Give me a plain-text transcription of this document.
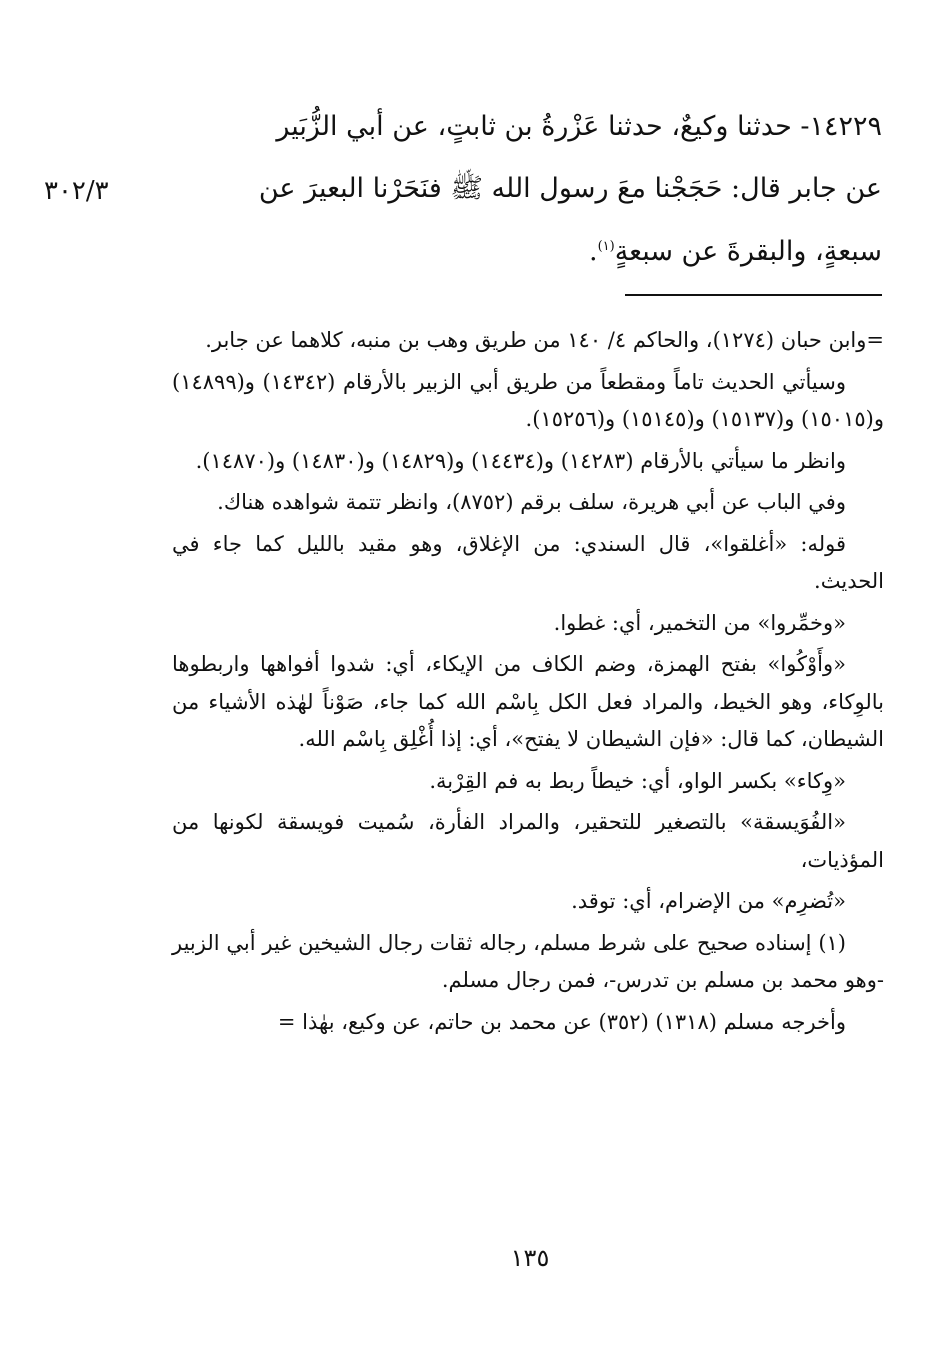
١٤٢٢٩- حدثنا وكيعٌ، حدثنا عَزْرةُ بن ثابتٍ، عن أبي الزُّبَير

عن جابر قال: حَجَجْنا معَ رسول الله ﷺ فنَحَرْنا البعيرَ عن

سبعةٍ، والبقرةَ عن سبعةٍ$^{(١)}$.

٣٠٢/٣

=وابن حبان (١٢٧٤)، والحاكم ٤/ ١٤٠ من طريق وهب بن منبه، كلاهما عن جابر.

وسيأتي الحديث تاماً ومقطعاً من طريق أبي الزبير بالأرقام (١٤٣٤٢) و(١٤٨٩٩) و(١٥٠١٥) و(١٥١٣٧) و(١٥١٤٥) و(١٥٢٥٦).

وانظر ما سيأتي بالأرقام (١٤٢٨٣) و(١٤٤٣٤) و(١٤٨٢٩) و(١٤٨٣٠) و(١٤٨٧٠).

وفي الباب عن أبي هريرة، سلف برقم (٨٧٥٢)، وانظر تتمة شواهده هناك.

قوله: «أغلقوا»، قال السندي: من الإغلاق، وهو مقيد بالليل كما جاء في الحديث.

«وخمِّروا» من التخمير، أي: غطوا.

«وأَوْكُوا» بفتح الهمزة، وضم الكاف من الإيكاء، أي: شدوا أفواهها واربطوها بالوِكاء، وهو الخيط، والمراد فعل الكل بِاسْم الله كما جاء، صَوْناً لهٰذه الأشياء من الشيطان، كما قال: «فإن الشيطان لا يفتح»، أي: إذا أُغْلِق بِاسْم الله.

«وِكاء» بكسر الواو، أي: خيطاً ربط به فم القِرْبة.

«الفُوَيسقة» بالتصغير للتحقير، والمراد الفأرة، سُميت فويسقة لكونها من المؤذيات،

«تُضرِم» من الإضرام، أي: توقد.

(١) إسناده صحيح على شرط مسلم، رجاله ثقات رجال الشيخين غير أبي الزبير -وهو محمد بن مسلم بن تدرس-، فمن رجال مسلم.

وأخرجه مسلم (١٣١٨) (٣٥٢) عن محمد بن حاتم، عن وكيع، بهٰذا =

١٣٥
